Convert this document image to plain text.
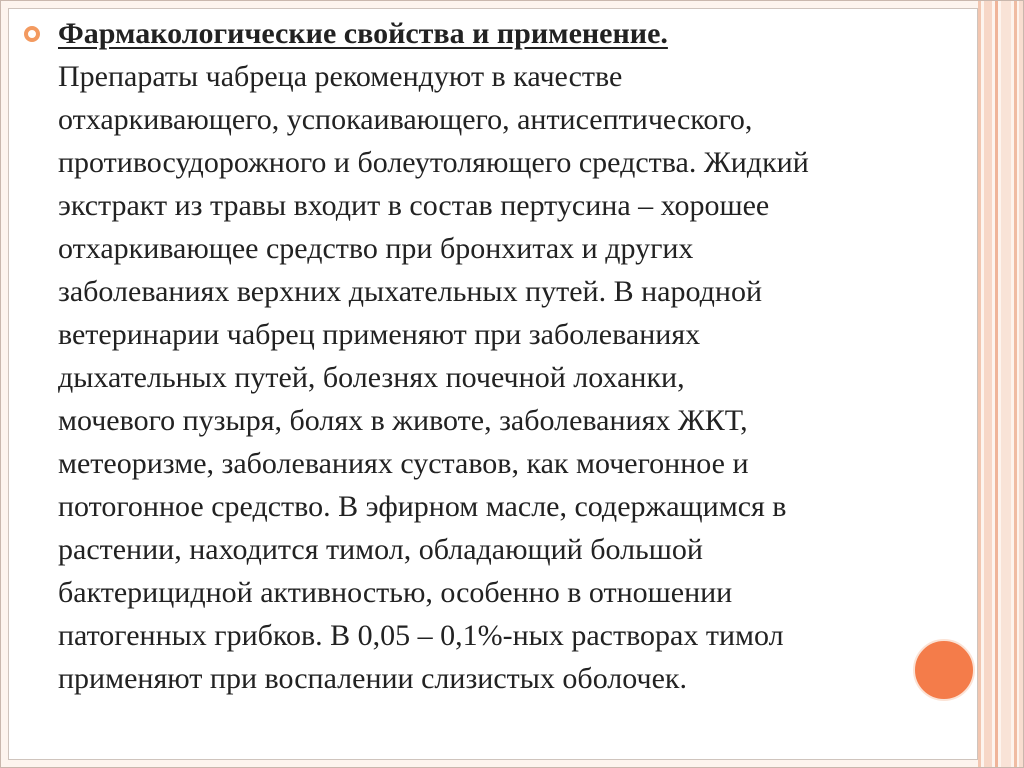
Фармакологические свойства и применение.
Препараты чабреца рекомендуют в качестве
отхаркивающего, успокаивающего, антисептического,
противосудорожного и болеутоляющего средства. Жидкий
экстракт из травы входит в состав пертусина – хорошее
отхаркивающее средство при бронхитах и других
заболеваниях верхних дыхательных путей. В народной
ветеринарии чабрец применяют при заболеваниях
дыхательных путей, болезнях почечной лоханки,
мочевого пузыря, болях в животе, заболеваниях ЖКТ,
метеоризме, заболеваниях суставов, как мочегонное и
потогонное средство. В эфирном масле, содержащимся в
растении, находится тимол, обладающий большой
бактерицидной активностью, особенно в отношении
патогенных грибков. В 0,05 – 0,1%-ных растворах тимол
применяют при воспалении слизистых оболочек.
